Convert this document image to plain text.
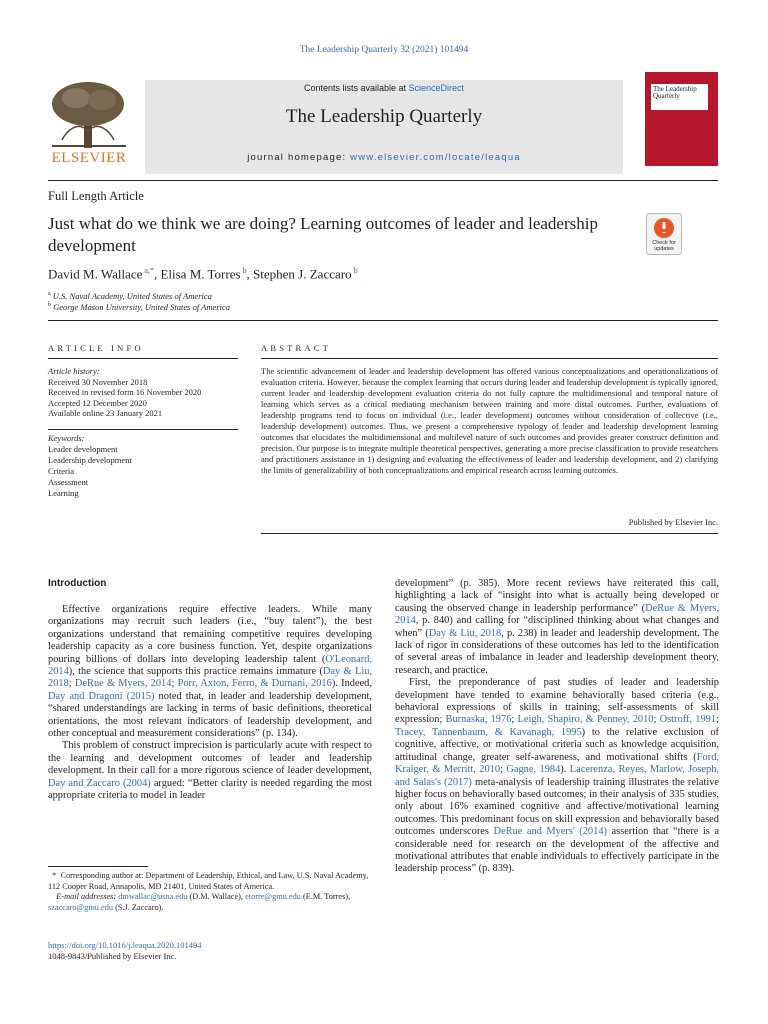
The Leadership Quarterly 32 (2021) 101494
ELSEVIER
Contents lists available at ScienceDirect
The Leadership Quarterly
journal homepage: www.elsevier.com/locate/leaqua
The Leadership Quarterly
Full Length Article
Just what do we think we are doing? Learning outcomes of leader and leadership development	Check for updates
David M. Wallace $^{a,*}$, Elisa M. Torres $^b$, Stephen J. Zaccaro $^b$
$^a$ U.S. Naval Academy, United States of America
$^b$ George Mason University, United States of America
ARTICLE INFO
Article history:
Received 30 November 2018
Received in revised form 16 November 2020
Accepted 12 December 2020
Available online 23 January 2021
Keywords:
Leader development
Leadership development
Criteria
Assessment
Learning
ABSTRACT
The scientific advancement of leader and leadership development has offered various conceptualizations and operationalizations of evaluation criteria. However, because the complex learning that occurs during leader and leadership development is typically ignored, current leader and leadership development evaluation criteria do not fully capture the multidimensional and temporal nature of learning which serves as a critical mediating mechanism between training and more distal outcomes. Further, evaluations of leadership programs tend to focus on individual (i.e., leader development) outcomes without consideration of collective (i.e., leadership development) outcomes. Thus, we present a comprehensive typology of leader and leadership development learning outcomes that elucidates the multidimensional and multilevel nature of such outcomes and provides greater construct definition and precision. Our purpose is to integrate multiple theoretical perspectives, generating a more precise classification to provide researchers and practitioners assistance in 1) designing and evaluating the effectiveness of leader and leadership development, and 2) clarifying the limits of generalizability of both conceptualizations and empirical research across learning outcomes.
Published by Elsevier Inc.
Introduction

Effective organizations require effective leaders. While many organizations may recruit such leaders (i.e., “buy talent”), the best organizations understand that remaining competitive requires developing leadership capacity as a core business function. Yet, despite organizations pouring billions of dollars into developing leadership talent (O'Leonard, 2014), the science that supports this practice remains immature (Day & Liu, 2018; DeRue & Myers, 2014; Porr, Axton, Ferro, & Dumani, 2016). Indeed, Day and Dragoni (2015) noted that, in leader and leadership development, “shared understandings are lacking in terms of basic definitions, theoretical orientations, the most relevant indicators of leadership development, and other conceptual and measurement considerations” (p. 134).

This problem of construct imprecision is particularly acute with respect to the learning and development outcomes of leader and leadership development. In their call for a more rigorous science of leader development, Day and Zaccaro (2004) argued: “Better clarity is needed regarding the most appropriate criteria to model in leader

development” (p. 385). More recent reviews have reiterated this call, highlighting a lack of “insight into what is actually being developed or causing the observed change in leadership performance” (DeRue & Myers, 2014, p. 840) and calling for “disciplined thinking about what changes and when” (Day & Liu, 2018, p. 238) in leader and leadership development. The lack of rigor in considerations of these outcomes has led to the identification of several areas of imbalance in leader and leadership development theory, research, and practice.

First, the preponderance of past studies of leader and leadership development have tended to examine behaviorally based criteria (e.g., behavioral expressions of skills in training; self-assessments of skill expression; Burnaska, 1976; Leigh, Shapiro, & Penney, 2010; Ostroff, 1991; Tracey, Tannenbaum, & Kavanagh, 1995) to the relative exclusion of cognitive, affective, or motivational criteria such as knowledge acquisition, attitudinal change, greater self-awareness, and motivational shifts (Ford, Kraiger, & Merritt, 2010; Gagne, 1984). Lacerenza, Reyes, Marlow, Joseph, and Salas's (2017) meta-analysis of leadership training illustrates the relative higher focus on behaviorally based outcomes; in their analysis of 335 studies, only about 16% examined cognitive and affective/motivational learning outcomes. This predominant focus on skill expression and behaviorally based outcomes underscores DeRue and Myers' (2014) assertion that “there is a considerable need for research on the development of the affective and motivational attributes that enable individuals to effectively participate in the leadership process” (p. 839).

* Corresponding author at: Department of Leadership, Ethical, and Law, U.S. Naval Academy, 112 Cooper Road, Annapolis, MD 21401, United States of America.
E-mail addresses: dmwallac@usna.edu (D.M. Wallace), etorre@gmu.edu (E.M. Torres), szaccaro@gmu.edu (S.J. Zaccaro).
https://doi.org/10.1016/j.leaqua.2020.101494
1048-9843/Published by Elsevier Inc.
